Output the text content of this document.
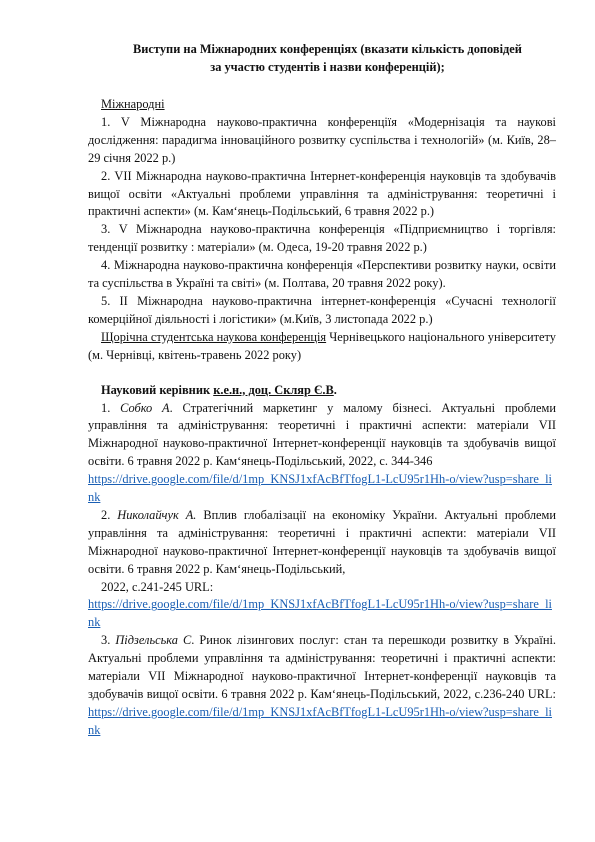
Виступи на Міжнародних конференціях (вказати кількість доповідей
за участю студентів і назви конференцій);

Міжнародні

1. V Міжнародна науково-практична конференціїя «Модернізація та наукові дослідження: парадигма інноваційного розвитку суспільства і технологій» (м. Київ, 28–29 січня 2022 р.)

2. VII Міжнародна науково-практична Інтернет-конференція науковців та здобувачів вищої освіти «Актуальні проблеми управління та адміністрування: теоретичні і практичні аспекти» (м. Кам‘янець-Подільський, 6 травня 2022 р.)

3. V Міжнародна науково-практична конференція «Підприємництво і торгівля: тенденції розвитку : матеріали» (м. Одеса, 19-20 травня 2022 р.)

4. Міжнародна науково-практична конференція «Перспективи розвитку науки, освіти та суспільства в Україні та світі» (м. Полтава, 20 травня 2022 року).

5. ІІ Міжнародна науково-практична інтернет-конференція «Сучасні технології комерційної діяльності і логістики» (м.Київ, 3 листопада 2022 р.)

Щорічна студентська наукова конференція Чернівецького національного університету (м. Чернівці, квітень-травень 2022 року)

Науковий керівник к.е.н., доц. Скляр Є.В.

1. Собко А. Стратегічний маркетинг у малому бізнесі. Актуальні проблеми управління та адміністрування: теоретичні і практичні аспекти: матеріали VII Міжнародної науково-практичної Інтернет-конференції науковців та здобувачів вищої освіти. 6 травня 2022 р. Кам‘янець-Подільський, 2022, с. 344-346

https://drive.google.com/file/d/1mp_KNSJ1xfAcBfTfogL1-LcU95r1Hh-o/view?usp=share_link

2. Николайчук А. Вплив глобалізації на економіку України. Актуальні проблеми управління та адміністрування: теоретичні і практичні аспекти: матеріали VII Міжнародної науково-практичної Інтернет-конференції науковців та здобувачів вищої освіти. 6 травня 2022 р. Кам‘янець-Подільський,

2022, с.241-245 URL:

https://drive.google.com/file/d/1mp_KNSJ1xfAcBfTfogL1-LcU95r1Hh-o/view?usp=share_link

3. Підзельська С. Ринок лізингових послуг: стан та перешкоди розвитку в Україні. Актуальні проблеми управління та адміністрування: теоретичні і практичні аспекти: матеріали VII Міжнародної науково-практичної Інтернет-конференції науковців та здобувачів вищої освіти. 6 травня 2022 р. Кам‘янець-Подільський, 2022, с.236-240 URL:

https://drive.google.com/file/d/1mp_KNSJ1xfAcBfTfogL1-LcU95r1Hh-o/view?usp=share_link
